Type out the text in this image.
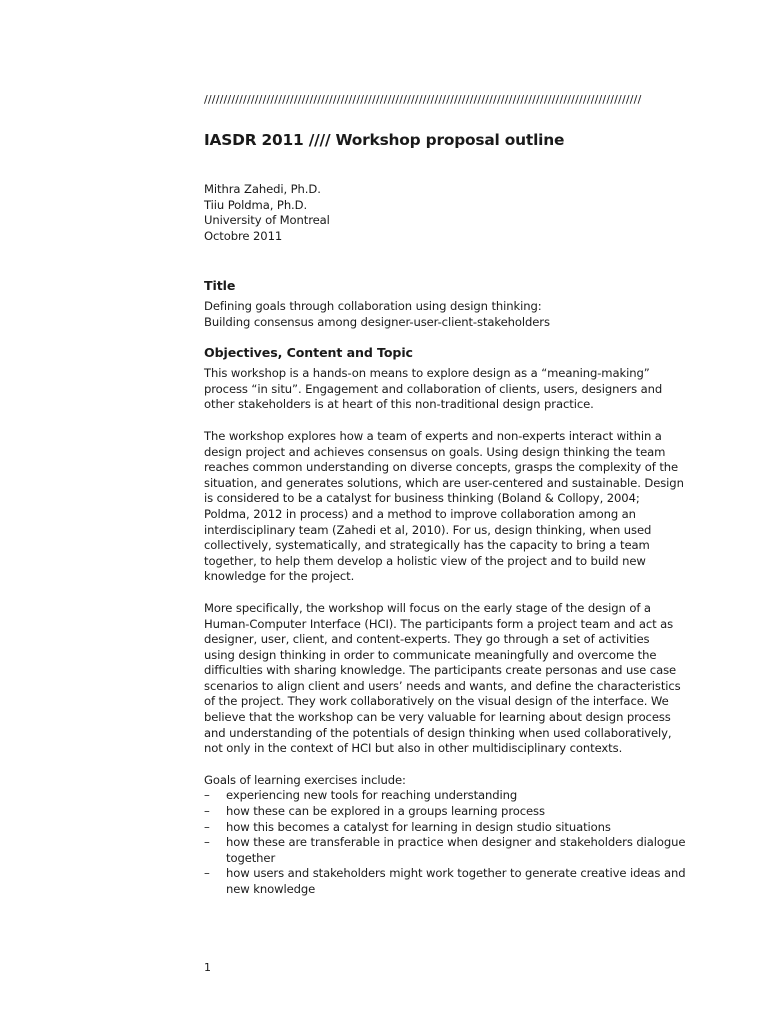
////////////////////////////////////////////////////////////////////////////////////////////////////////////////
IASDR 2011 //// Workshop proposal outline
Mithra Zahedi, Ph.D.
Tiiu Poldma, Ph.D.
University of Montreal
Octobre 2011
Title
Defining goals through collaboration using design thinking:
Building consensus among designer-user-client-stakeholders
Objectives, Content and Topic
This workshop is a hands-on means to explore design as a “meaning-making”
process “in situ”. Engagement and collaboration of clients, users, designers and
other stakeholders is at heart of this non-traditional design practice.
The workshop explores how a team of experts and non-experts interact within a
design project and achieves consensus on goals. Using design thinking the team
reaches common understanding on diverse concepts, grasps the complexity of the
situation, and generates solutions, which are user-centered and sustainable. Design
is considered to be a catalyst for business thinking (Boland & Collopy, 2004;
Poldma, 2012 in process) and a method to improve collaboration among an
interdisciplinary team (Zahedi et al, 2010). For us, design thinking, when used
collectively, systematically, and strategically has the capacity to bring a team
together, to help them develop a holistic view of the project and to build new
knowledge for the project.
More specifically, the workshop will focus on the early stage of the design of a
Human-Computer Interface (HCI). The participants form a project team and act as
designer, user, client, and content-experts. They go through a set of activities
using design thinking in order to communicate meaningfully and overcome the
difficulties with sharing knowledge. The participants create personas and use case
scenarios to align client and users’ needs and wants, and define the characteristics
of the project. They work collaboratively on the visual design of the interface. We
believe that the workshop can be very valuable for learning about design process
and understanding of the potentials of design thinking when used collaboratively,
not only in the context of HCI but also in other multidisciplinary contexts.
Goals of learning exercises include:
– experiencing new tools for reaching understanding
– how these can be explored in a groups learning process
– how this becomes a catalyst for learning in design studio situations
– how these are transferable in practice when designer and stakeholders dialogue
together
– how users and stakeholders might work together to generate creative ideas and
new knowledge
1
